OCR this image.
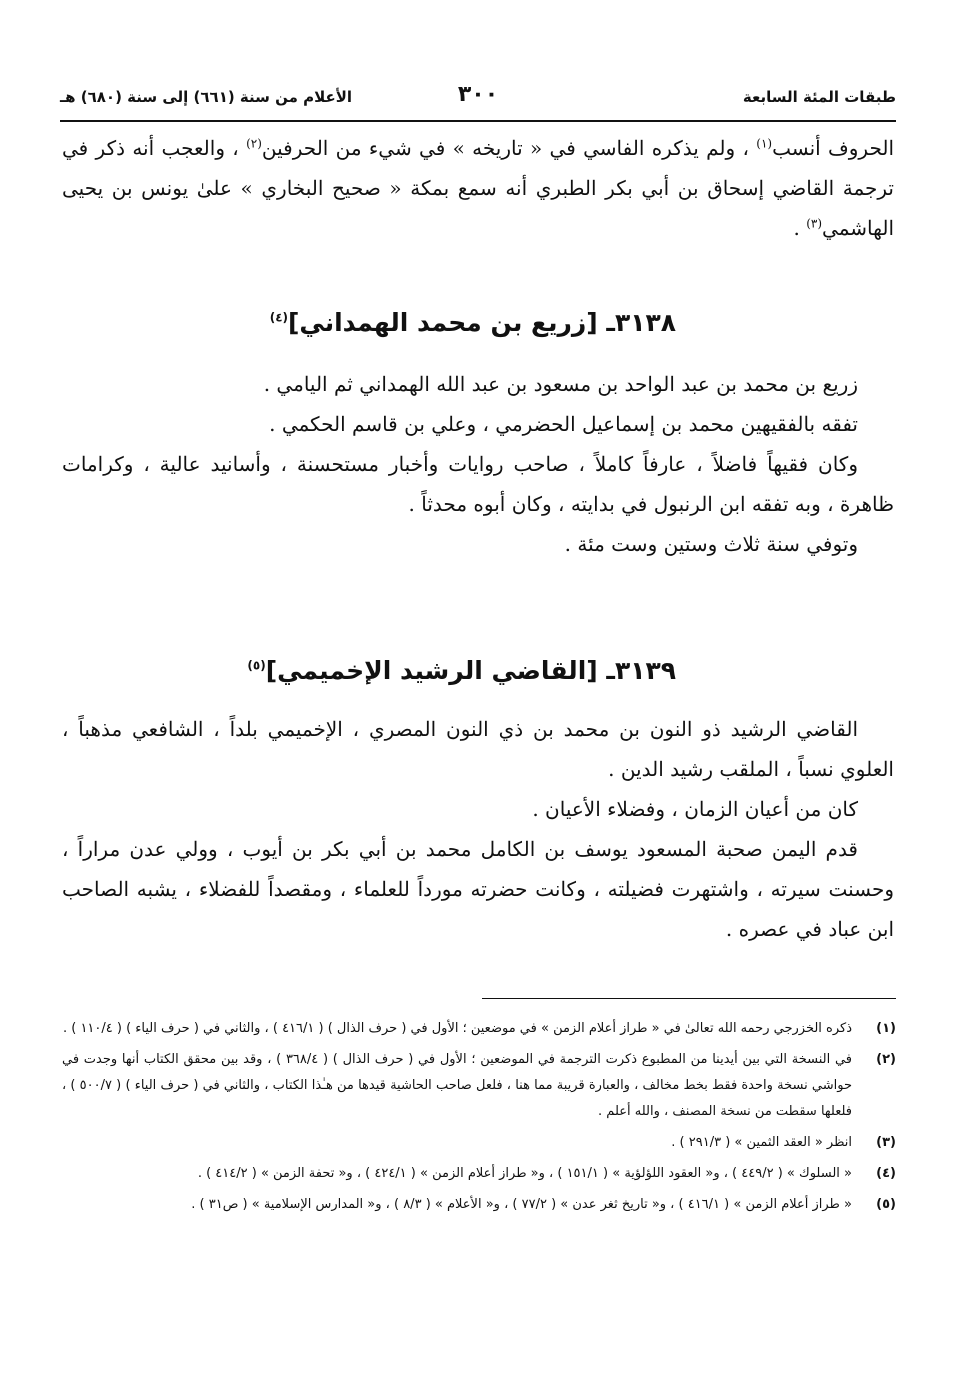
طبقات المئة السابعة
٣٠٠
الأعلام من سنة (٦٦١) إلى سنة (٦٨٠) هـ

الحروف أنسب$^{(١)}$ ، ولم يذكره الفاسي في « تاريخه » في شيء من الحرفين$^{(٢)}$ ، والعجب أنه ذكر في ترجمة القاضي إسحاق بن أبي بكر الطبري أنه سمع بمكة « صحيح البخاري » علىٰ يونس بن يحيى الهاشمي$^{(٣)}$ .

٣١٣٨ـ [زريع بن محمد الهمداني]$^{(٤)}$

زريع بن محمد بن عبد الواحد بن مسعود بن عبد الله الهمداني ثم اليامي .

تفقه بالفقيهين محمد بن إسماعيل الحضرمي ، وعلي بن قاسم الحكمي .

وكان فقيهاً فاضلاً ، عارفاً كاملاً ، صاحب روايات وأخبار مستحسنة ، وأسانيد عالية ، وكرامات ظاهرة ، وبه تفقه ابن الرنبول في بدايته ، وكان أبوه محدثاً .

وتوفي سنة ثلاث وستين وست مئة .

٣١٣٩ـ [القاضي الرشيد الإخميمي]$^{(٥)}$

القاضي الرشيد ذو النون بن محمد بن ذي النون المصري ، الإخميمي بلداً ، الشافعي مذهباً ، العلوي نسباً ، الملقب رشيد الدين .

كان من أعيان الزمان ، وفضلاء الأعيان .

قدم اليمن صحبة المسعود يوسف بن الكامل محمد بن أبي بكر بن أيوب ، وولي عدن مراراً ، وحسنت سيرته ، واشتهرت فضيلته ، وكانت حضرته مورداً للعلماء ، ومقصداً للفضلاء ، يشبه الصاحب ابن عباد في عصره .

(١)
ذكره الخزرجي رحمه الله تعالىٰ في « طراز أعلام الزمن » في موضعين ؛ الأول في ( حرف الذال ) ( ٤١٦/١ ) ، والثاني في ( حرف الياء ) ( ١١٠/٤ ) .
(٢)
في النسخة التي بين أيدينا من المطبوع ذكرت الترجمة في الموضعين ؛ الأول في ( حرف الذال ) ( ٣٦٨/٤ ) ، وقد بين محقق الكتاب أنها وجدت في حواشي نسخة واحدة فقط بخط مخالف ، والعبارة قريبة مما هنا ، فلعل صاحب الحاشية قيدها من هـٰذا الكتاب ، والثاني في ( حرف الياء ) ( ٥٠٠/٧ ) ، فلعلها سقطت من نسخة المصنف ، والله أعلم .
(٣)
انظر « العقد الثمين » ( ٢٩١/٣ ) .
(٤)
« السلوك » ( ٤٤٩/٢ ) ، و« العقود اللؤلؤية » ( ١٥١/١ ) ، و« طراز أعلام الزمن » ( ٤٢٤/١ ) ، و« تحفة الزمن » ( ٤١٤/٢ ) .
(٥)
« طراز أعلام الزمن » ( ٤١٦/١ ) ، و« تاريخ ثغر عدن » ( ٧٧/٢ ) ، و« الأعلام » ( ٨/٣ ) ، و« المدارس الإسلامية » ( ص٣١ ) .
